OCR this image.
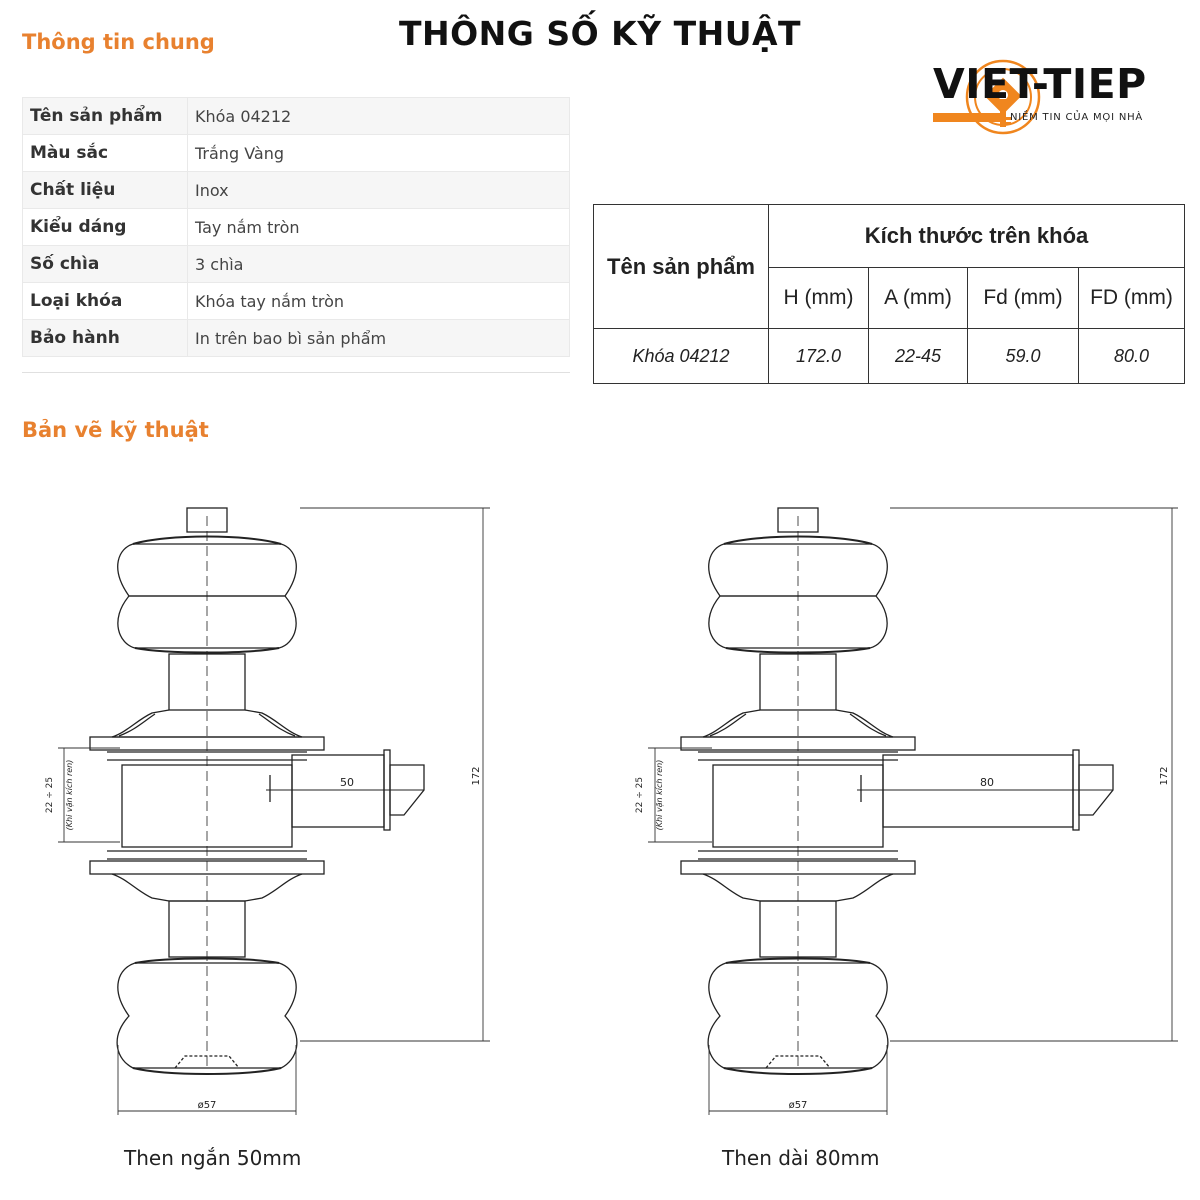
THÔNG SỐ KỸ THUẬT
Thông tin chung
Tên sản phẩm	Khóa 04212
Màu sắc	Trắng Vàng
Chất liệu	Inox
Kiểu dáng	Tay nắm tròn
Số chìa	3 chìa
Loại khóa	Khóa tay nắm tròn
Bảo hành	In trên bao bì sản phẩm
VIET-TIEP
NIỀM TIN CỦA MỌI NHÀ
Tên sản phẩm	Kích thước trên khóa			
	H (mm)	A (mm)	Fd (mm)	FD (mm)
Khóa 04212	172.0	22-45	59.0	80.0
Bản vẽ kỹ thuật
50	80
ø57	ø57
172	172
22 ÷ 25 (Khi vặn kích ren)	22 ÷ 25 (Khi vặn kích ren)
Then ngắn 50mm	Then dài 80mm
